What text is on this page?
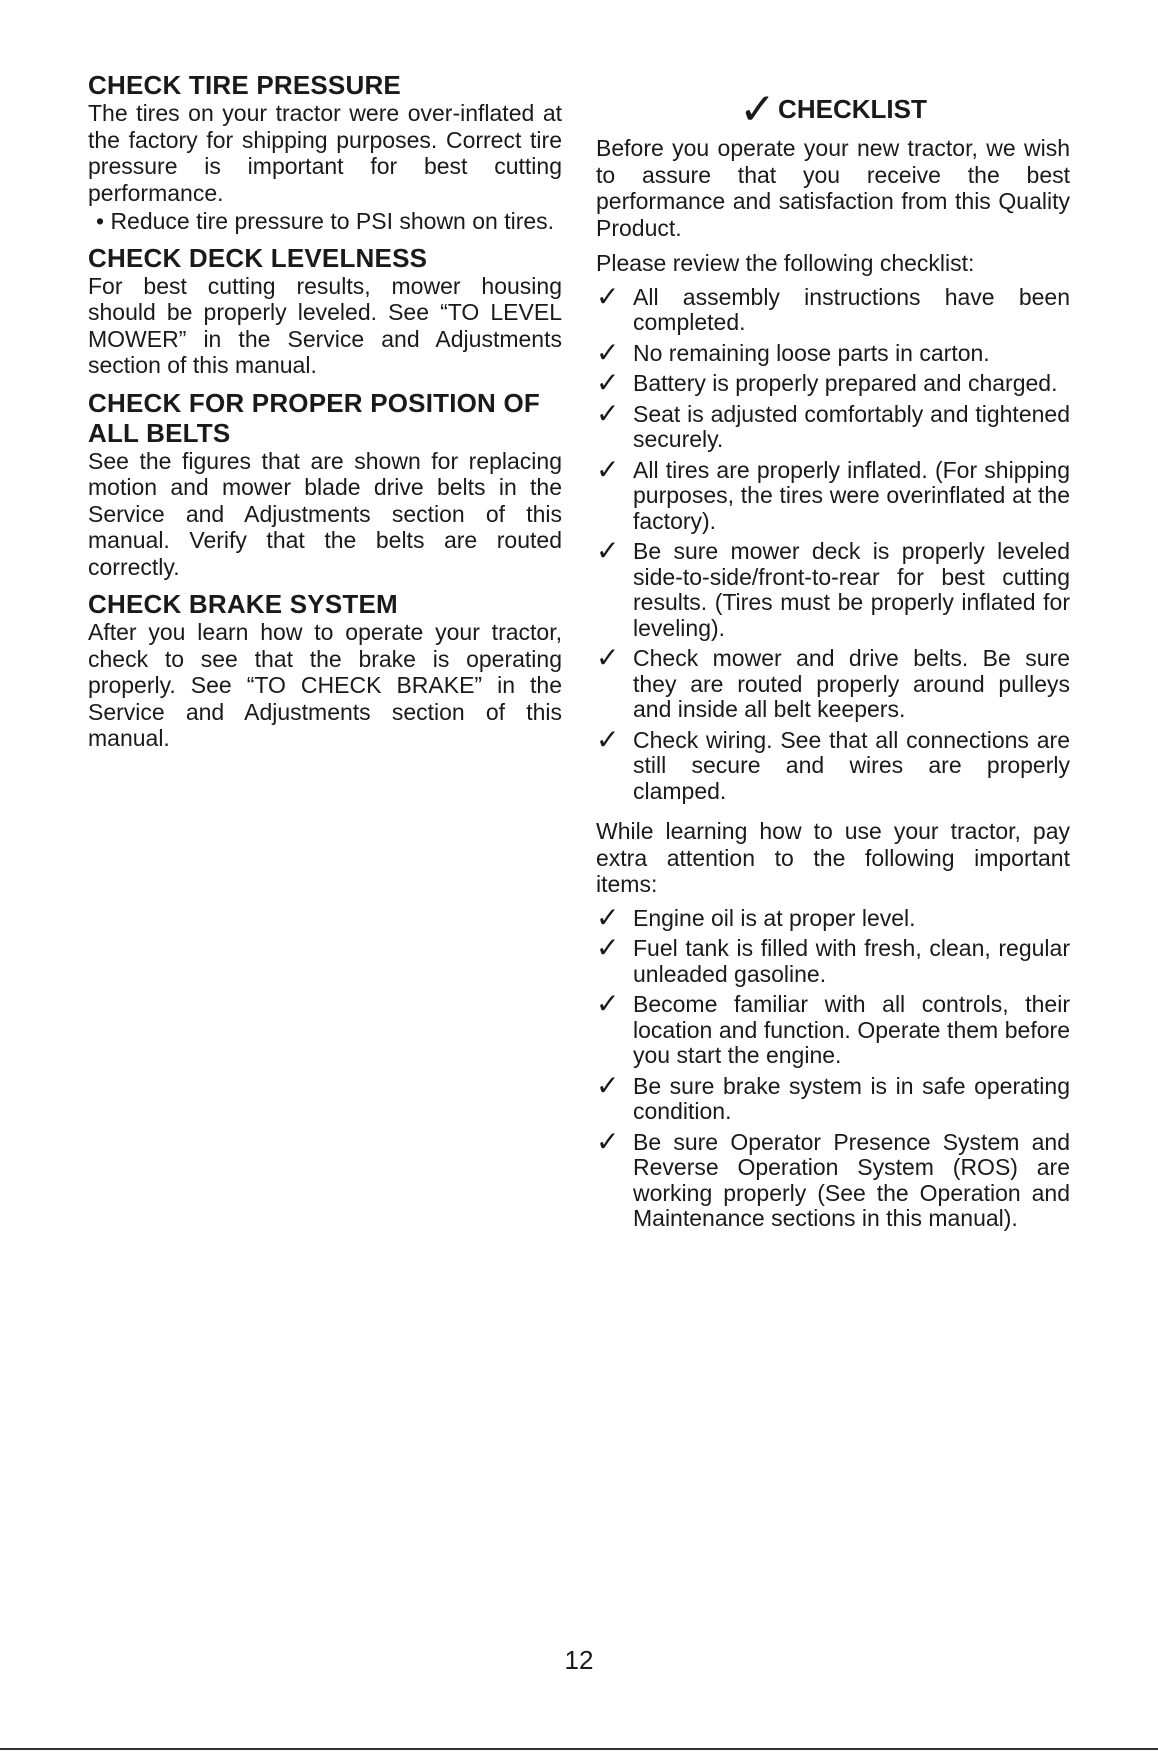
CHECK TIRE PRESSURE

The tires on your tractor were over-inflated at the factory for shipping purposes. Correct tire pressure is important for best cutting performance.

• Reduce tire pressure to PSI shown on tires.

CHECK DECK LEVELNESS

For best cutting results, mower housing should be properly leveled. See “TO LEVEL MOWER” in the Service and Adjustments section of this manual.

CHECK FOR PROPER POSITION OF ALL BELTS

See the figures that are shown for replacing motion and mower blade drive belts in the Service and Adjustments section of this manual. Verify that the belts are routed correctly.

CHECK BRAKE SYSTEM

After you learn how to operate your tractor, check to see that the brake is operating properly. See “TO CHECK BRAKE” in the Service and Adjustments section of this manual.

✓CHECKLIST

Before you operate your new tractor, we wish to assure that you receive the best performance and satisfaction from this Quality Product.

Please review the following checklist:

✓ All assembly instructions have been completed.
✓ No remaining loose parts in carton.
✓ Battery is properly prepared and charged.
✓ Seat is adjusted comfortably and tightened securely.
✓ All tires are properly inflated. (For shipping purposes, the tires were overinflated at the factory).
✓ Be sure mower deck is properly leveled side-to-side/front-to-rear for best cutting results. (Tires must be properly inflated for leveling).
✓ Check mower and drive belts. Be sure they are routed properly around pulleys and inside all belt keepers.
✓ Check wiring. See that all connections are still secure and wires are properly clamped.

While learning how to use your tractor, pay extra attention to the following important items:

✓ Engine oil is at proper level.
✓ Fuel tank is filled with fresh, clean, regular unleaded gasoline.
✓ Become familiar with all controls, their location and function. Operate them before you start the engine.
✓ Be sure brake system is in safe operating condition.
✓ Be sure Operator Presence System and Reverse Operation System (ROS) are working properly (See the Operation and Maintenance sections in this manual).
12
